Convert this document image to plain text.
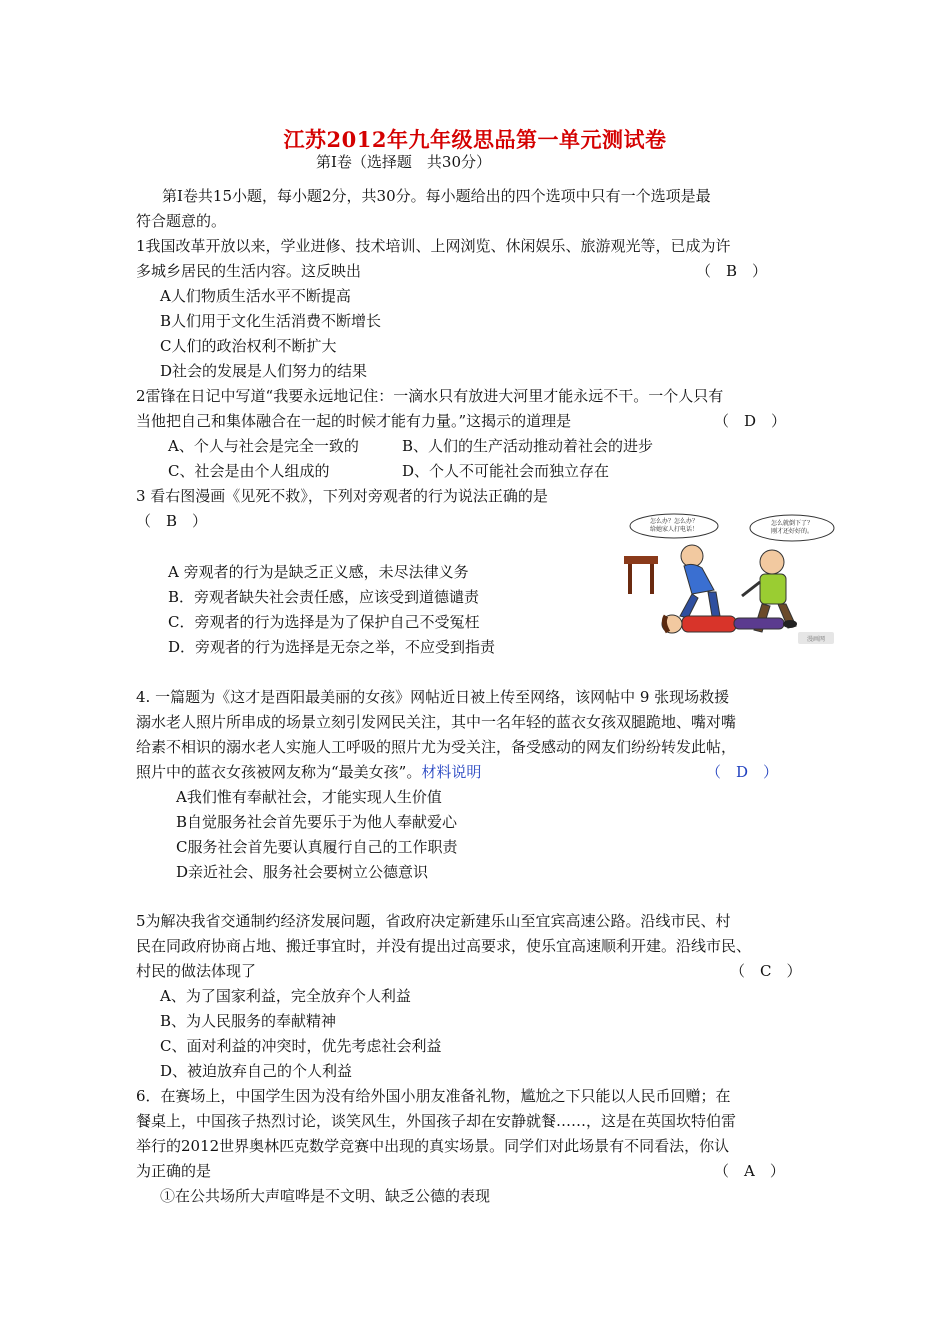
江苏2012年九年级思品第一单元测试卷
第Ⅰ卷（选择题　共30分）
第Ⅰ卷共15小题，每小题2分，共30分。每小题给出的四个选项中只有一个选项是最
符合题意的。
1我国改革开放以来，学业进修、技术培训、上网浏览、休闲娱乐、旅游观光等，已成为许
多城乡居民的生活内容。这反映出	（　B　）
A人们物质生活水平不断提高
B人们用于文化生活消费不断增长
C人们的政治权利不断扩大
D社会的发展是人们努力的结果
2雷锋在日记中写道“我要永远地记住：一滴水只有放进大河里才能永远不干。一个人只有
当他把自己和集体融合在一起的时候才能有力量。”这揭示的道理是	（　D　）
A、个人与社会是完全一致的	B、人们的生产活动推动着社会的进步
C、社会是由个人组成的	D、个人不可能社会而独立存在
3 看右图漫画《见死不救》，下列对旁观者的行为说法正确的是
（　B　）
A 旁观者的行为是缺乏正义感，未尽法律义务
B．旁观者缺失社会责任感，应该受到道德谴责
C．旁观者的行为选择是为了保护自己不受冤枉
D．旁观者的行为选择是无奈之举，不应受到指责
怎么办？怎么办？
给她家人打电话！
怎么就倒下了？
刚才还好好的。
漫画网
4. 一篇题为《这才是酉阳最美丽的女孩》网帖近日被上传至网络，该网帖中 9 张现场救援
溺水老人照片所串成的场景立刻引发网民关注，其中一名年轻的蓝衣女孩双腿跪地、嘴对嘴
给素不相识的溺水老人实施人工呼吸的照片尤为受关注，备受感动的网友们纷纷转发此帖，
照片中的蓝衣女孩被网友称为“最美女孩”。材料说明	（　D　）
A我们惟有奉献社会，才能实现人生价值
B自觉服务社会首先要乐于为他人奉献爱心
C服务社会首先要认真履行自己的工作职责
D亲近社会、服务社会要树立公德意识
5为解决我省交通制约经济发展问题，省政府决定新建乐山至宜宾高速公路。沿线市民、村
民在同政府协商占地、搬迁事宜时，并没有提出过高要求，使乐宜高速顺利开建。沿线市民、
村民的做法体现了	（　C　）
A、为了国家利益，完全放弃个人利益
B、为人民服务的奉献精神
C、面对利益的冲突时，优先考虑社会利益
D、被迫放弃自己的个人利益
6．在赛场上，中国学生因为没有给外国小朋友准备礼物，尴尬之下只能以人民币回赠；在
餐桌上，中国孩子热烈讨论，谈笑风生，外国孩子却在安静就餐……，这是在英国坎特伯雷
举行的2012世界奥林匹克数学竞赛中出现的真实场景。同学们对此场景有不同看法，你认
为正确的是	（　A　）
①在公共场所大声喧哗是不文明、缺乏公德的表现
